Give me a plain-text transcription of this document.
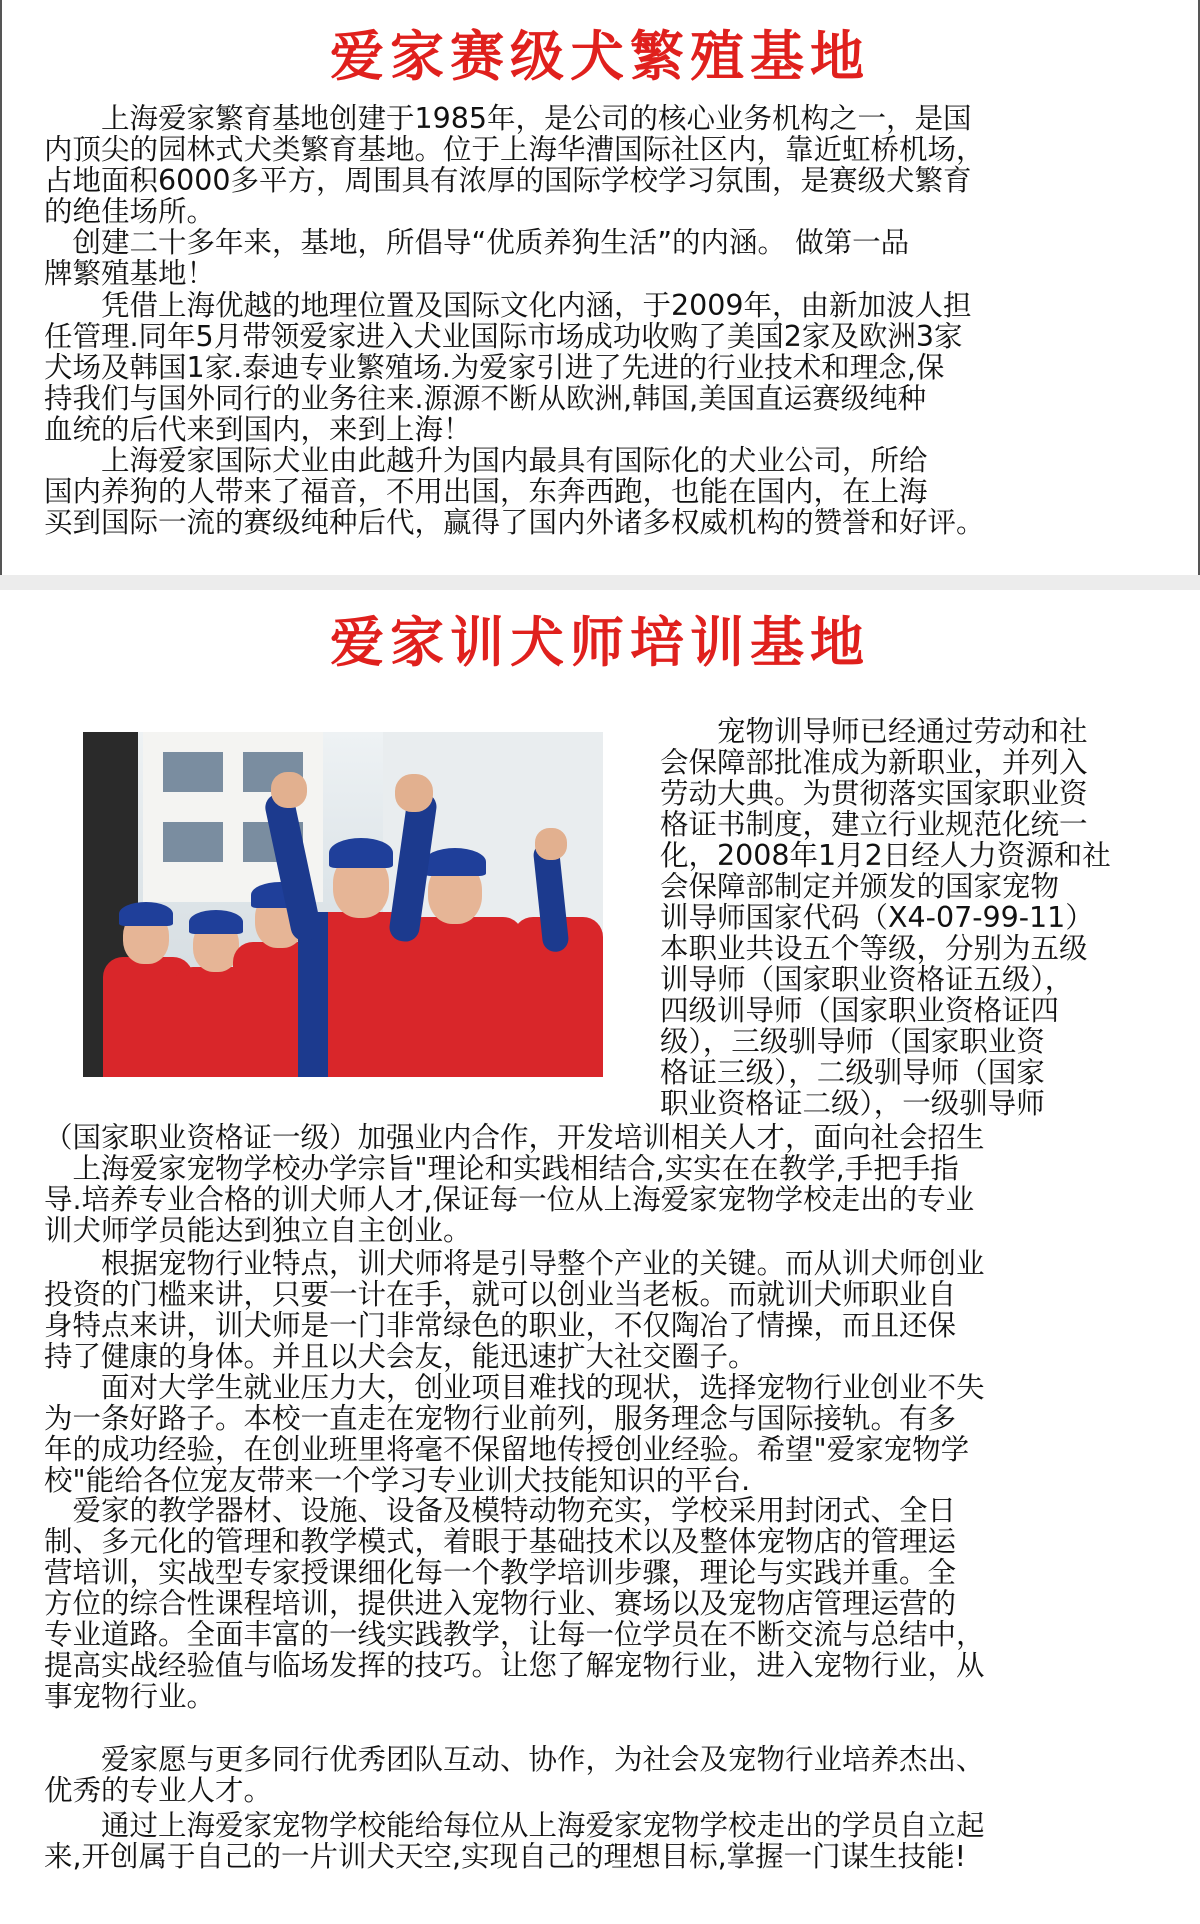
爱家赛级犬繁殖基地

　　上海爱家繁育基地创建于1985年，是公司的核心业务机构之一，是国
内顶尖的园林式犬类繁育基地。位于上海华漕国际社区内，靠近虹桥机场，
占地面积6000多平方，周围具有浓厚的国际学校学习氛围，是赛级犬繁育
的绝佳场所。

　创建二十多年来，基地，所倡导“优质养狗生活”的内涵。 做第一品
牌繁殖基地！

　　凭借上海优越的地理位置及国际文化内涵，于2009年，由新加波人担
任管理.同年5月带领爱家进入犬业国际市场成功收购了美国2家及欧洲3家
犬场及韩国1家.泰迪专业繁殖场.为爱家引进了先进的行业技术和理念,保
持我们与国外同行的业务往来.源源不断从欧洲,韩国,美国直运赛级纯种
血统的后代来到国内，来到上海！

　　上海爱家国际犬业由此越升为国内最具有国际化的犬业公司，所给
国内养狗的人带来了福音，不用出国，东奔西跑，也能在国内，在上海
买到国际一流的赛级纯种后代，赢得了国内外诸多权威机构的赞誉和好评。

爱家训犬师培训基地

　　宠物训导师已经通过劳动和社
会保障部批准成为新职业，并列入
劳动大典。为贯彻落实国家职业资
格证书制度，建立行业规范化统一
化，2008年1月2日经人力资源和社
会保障部制定并颁发的国家宠物
训导师国家代码（X4-07-99-11）
本职业共设五个等级，分别为五级
训导师（国家职业资格证五级），
四级训导师（国家职业资格证四
级），三级驯导师（国家职业资
格证三级），二级驯导师（国家
职业资格证二级），一级驯导师

（国家职业资格证一级）加强业内合作，开发培训相关人才，面向社会招生
　上海爱家宠物学校办学宗旨"理论和实践相结合,实实在在教学,手把手指
导.培养专业合格的训犬师人才,保证每一位从上海爱家宠物学校走出的专业
训犬师学员能达到独立自主创业。

　　根据宠物行业特点，训犬师将是引导整个产业的关键。而从训犬师创业
投资的门槛来讲，只要一计在手，就可以创业当老板。而就训犬师职业自
身特点来讲，训犬师是一门非常绿色的职业，不仅陶冶了情操，而且还保
持了健康的身体。并且以犬会友，能迅速扩大社交圈子。

　　面对大学生就业压力大，创业项目难找的现状，选择宠物行业创业不失
为一条好路子。本校一直走在宠物行业前列，服务理念与国际接轨。有多
年的成功经验，在创业班里将毫不保留地传授创业经验。希望"爱家宠物学
校"能给各位宠友带来一个学习专业训犬技能知识的平台.

　爱家的教学器材、设施、设备及模特动物充实，学校采用封闭式、全日
制、多元化的管理和教学模式，着眼于基础技术以及整体宠物店的管理运
营培训，实战型专家授课细化每一个教学培训步骤，理论与实践并重。全
方位的综合性课程培训，提供进入宠物行业、赛场以及宠物店管理运营的
专业道路。全面丰富的一线实践教学，让每一位学员在不断交流与总结中，
提高实战经验值与临场发挥的技巧。让您了解宠物行业，进入宠物行业，从
事宠物行业。

　　爱家愿与更多同行优秀团队互动、协作，为社会及宠物行业培养杰出、
优秀的专业人才。

　　通过上海爱家宠物学校能给每位从上海爱家宠物学校走出的学员自立起
来,开创属于自己的一片训犬天空,实现自己的理想目标,掌握一门谋生技能!
